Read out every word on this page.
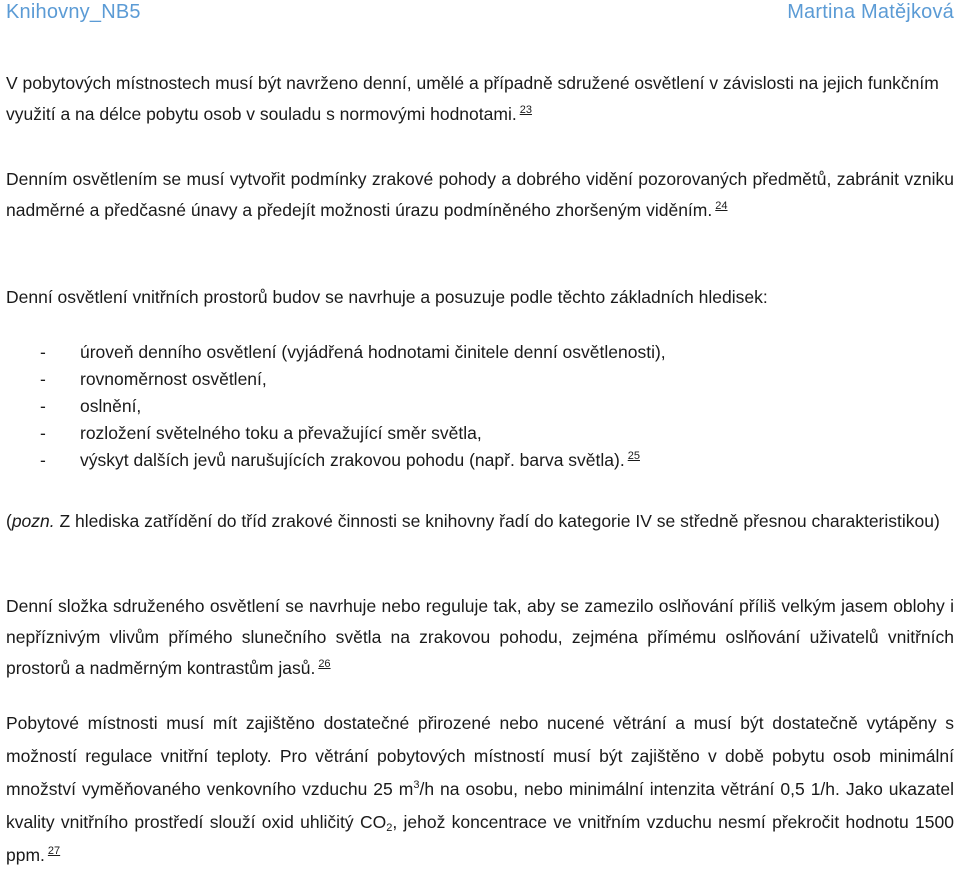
Knihovny_NB5	Martina Matějková

V pobytových místnostech musí být navrženo denní, umělé a případně sdružené osvětlení v závislosti na jejich funkčním využití a na délce pobytu osob v souladu s normovými hodnotami. $^{23}$

Denním osvětlením se musí vytvořit podmínky zrakové pohody a dobrého vidění pozorovaných předmětů, zabránit vzniku nadměrné a předčasné únavy a předejít možnosti úrazu podmíněného zhoršeným viděním. $^{24}$

Denní osvětlení vnitřních prostorů budov se navrhuje a posuzuje podle těchto základních hledisek:

- úroveň denního osvětlení (vyjádřená hodnotami činitele denní osvětlenosti),
- rovnoměrnost osvětlení,
- oslnění,
- rozložení světelného toku a převažující směr světla,
- výskyt dalších jevů narušujících zrakovou pohodu (např. barva světla). $^{25}$

(pozn. Z hlediska zatřídění do tříd zrakové činnosti se knihovny řadí do kategorie IV se středně přesnou charakteristikou)

Denní složka sdruženého osvětlení se navrhuje nebo reguluje tak, aby se zamezilo oslňování příliš velkým jasem oblohy i nepříznivým vlivům přímého slunečního světla na zrakovou pohodu, zejména přímému oslňování uživatelů vnitřních prostorů a nadměrným kontrastům jasů. $^{26}$

Pobytové místnosti musí mít zajištěno dostatečné přirozené nebo nucené větrání a musí být dostatečně vytápěny s možností regulace vnitřní teploty. Pro větrání pobytových místností musí být zajištěno v době pobytu osob minimální množství vyměňovaného venkovního vzduchu 25 $m^3/h$ na osobu, nebo minimální intenzita větrání 0,5 1/h. Jako ukazatel kvality vnitřního prostředí slouží oxid uhličitý CO2, jehož koncentrace ve vnitřním vzduchu nesmí překročit hodnotu 1500 ppm. $^{27}$
